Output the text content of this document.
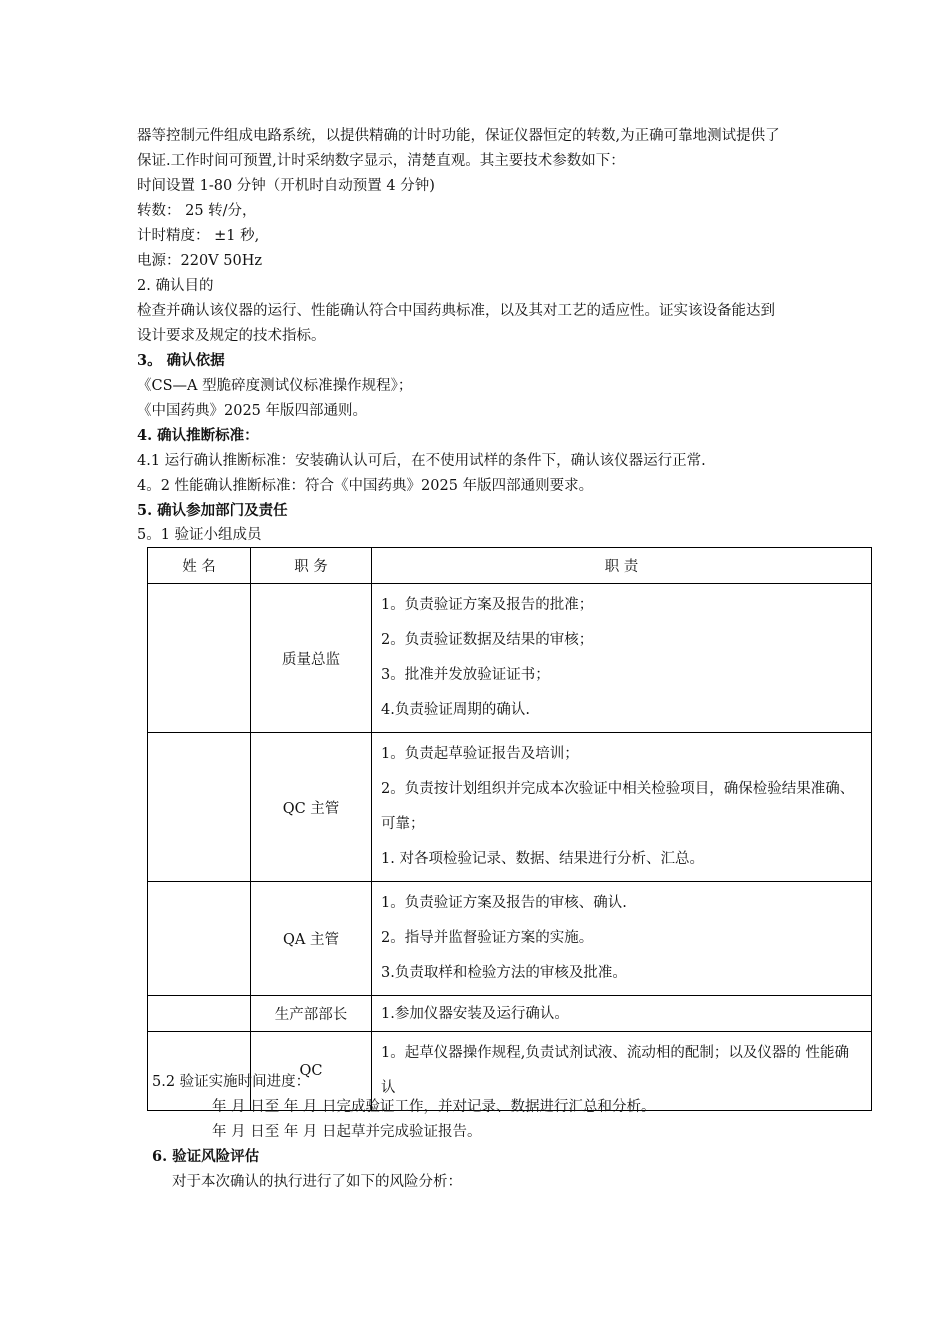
器等控制元件组成电路系统，以提供精确的计时功能，保证仪器恒定的转数,为正确可靠地测试提供了
保证.工作时间可预置,计时采纳数字显示，清楚直观。其主要技术参数如下：
时间设置 1-80 分钟（开机时自动预置 4 分钟)
转数： 25 转/分，
计时精度： ±1 秒,
电源：220V 50Hz
2. 确认目的
检查并确认该仪器的运行、性能确认符合中国药典标准，以及其对工艺的适应性。证实该设备能达到
设计要求及规定的技术指标。
3。 确认依据
《CS—A 型脆碎度测试仪标准操作规程》；
《中国药典》2025 年版四部通则。
4. 确认推断标准：
4.1 运行确认推断标准：安装确认认可后，在不使用试样的条件下，确认该仪器运行正常.
4。2 性能确认推断标准：符合《中国药典》2025 年版四部通则要求。
5. 确认参加部门及责任
5。1 验证小组成员
姓 名	职 务	职 责
	质量总监	1。负责验证方案及报告的批准；
2。负责验证数据及结果的审核；
3。批准并发放验证证书；
4.负责验证周期的确认.

	QC 主管	1。负责起草验证报告及培训；
2。负责按计划组织并完成本次验证中相关检验项目，确保检验结果准确、可靠；
1. 对各项检验记录、数据、结果进行分析、汇总。

	QA 主管	1。负责验证方案及报告的审核、确认.
2。指导并监督验证方案的实施。
3.负责取样和检验方法的审核及批准。

	生产部部长	1.参加仪器安装及运行确认。

	QC	1。起草仪器操作规程,负责试剂试液、流动相的配制；以及仪器的 性能确认
5.2 验证实施时间进度：
年 月 日至 年 月 日完成验证工作，并对记录、数据进行汇总和分析。
年 月 日至 年 月 日起草并完成验证报告。
6. 验证风险评估
对于本次确认的执行进行了如下的风险分析：
